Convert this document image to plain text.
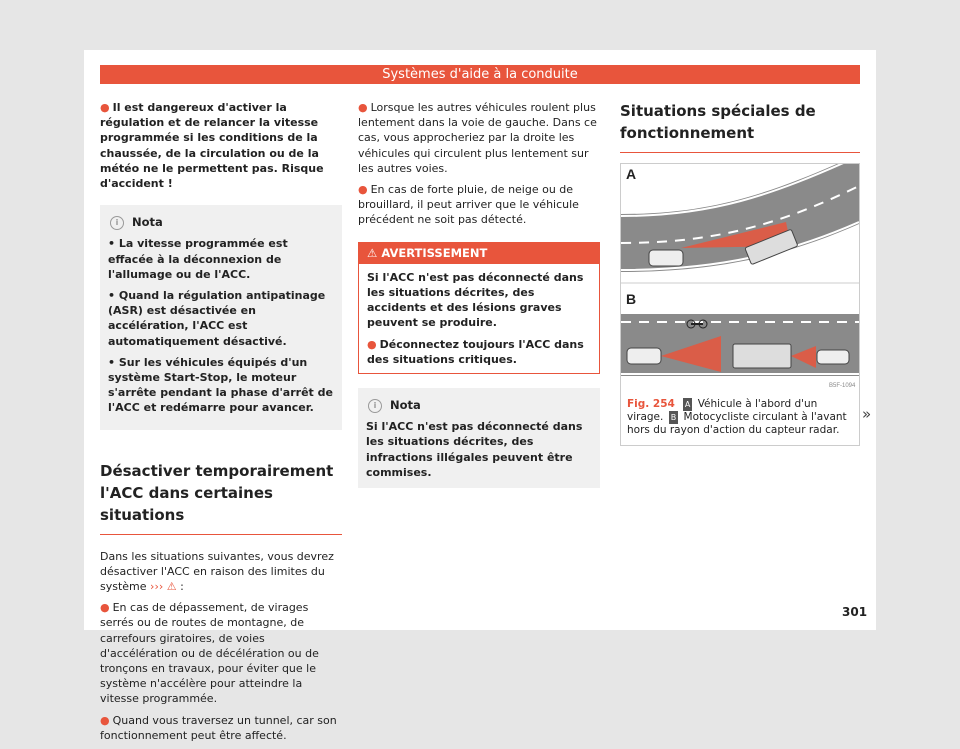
Systèmes d'aide à la conduite

● Il est dangereux d'activer la régulation et de relancer la vitesse programmée si les conditions de la chaussée, de la circulation ou de la météo ne le permettent pas. Risque d'accident !

i Nota

• La vitesse programmée est effacée à la déconnexion de l'allumage ou de l'ACC.

• Quand la régulation antipatinage (ASR) est désactivée en accélération, l'ACC est automatiquement désactivé.

• Sur les véhicules équipés d'un système Start-Stop, le moteur s'arrête pendant la phase d'arrêt de l'ACC et redémarre pour avancer.

Désactiver temporairement l'ACC dans certaines situations

Dans les situations suivantes, vous devrez désactiver l'ACC en raison des limites du système ››› ⚠ :

● En cas de dépassement, de virages serrés ou de routes de montagne, de carrefours giratoires, de voies d'accélération ou de décélération ou de tronçons en travaux, pour éviter que le système n'accélère pour atteindre la vitesse programmée.

● Quand vous traversez un tunnel, car son fonctionnement peut être affecté.

● Lorsque les autres véhicules roulent plus lentement dans la voie de gauche. Dans ce cas, vous approcheriez par la droite les véhicules qui circulent plus lentement sur les autres voies.

● En cas de forte pluie, de neige ou de brouillard, il peut arriver que le véhicule précédent ne soit pas détecté.

⚠ AVERTISSEMENT

Si l'ACC n'est pas déconnecté dans les situations décrites, des accidents et des lésions graves peuvent se produire.

● Déconnectez toujours l'ACC dans des situations critiques.

i Nota

Si l'ACC n'est pas déconnecté dans les situations décrites, des infractions illégales peuvent être commises.

Situations spéciales de fonctionnement
A
B
B5F-1094
Fig. 254 A Véhicule à l'abord d'un virage. B Motocycliste circulant à l'avant hors du rayon d'action du capteur radar.
»
301
